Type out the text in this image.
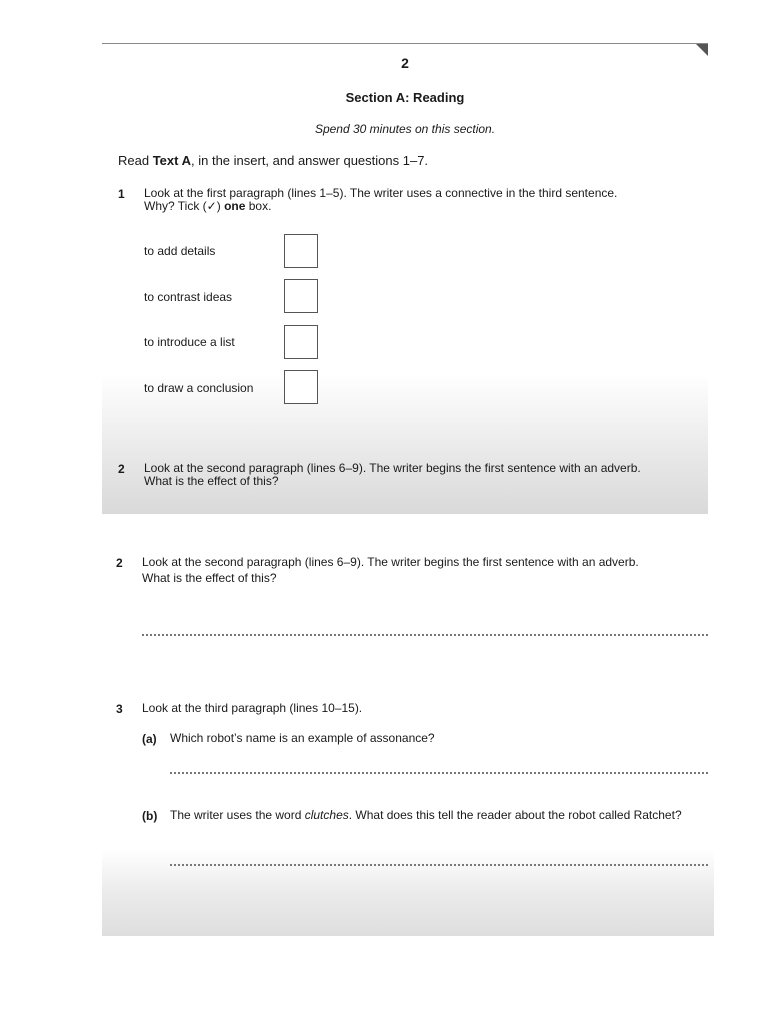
2
Section A: Reading
Spend 30 minutes on this section.
Read Text A, in the insert, and answer questions 1–7.
1 Look at the first paragraph (lines 1–5). The writer uses a connective in the third sentence.
Why? Tick (✓) one box.
to add details
to contrast ideas
to introduce a list
to draw a conclusion
2 Look at the second paragraph (lines 6–9). The writer begins the first sentence with an adverb.
What is the effect of this?
2 Look at the second paragraph (lines 6–9). The writer begins the first sentence with an adverb.
What is the effect of this?
3 Look at the third paragraph (lines 10–15).
(a) Which robot’s name is an example of assonance?
(b) The writer uses the word clutches. What does this tell the reader about the robot called Ratchet?
